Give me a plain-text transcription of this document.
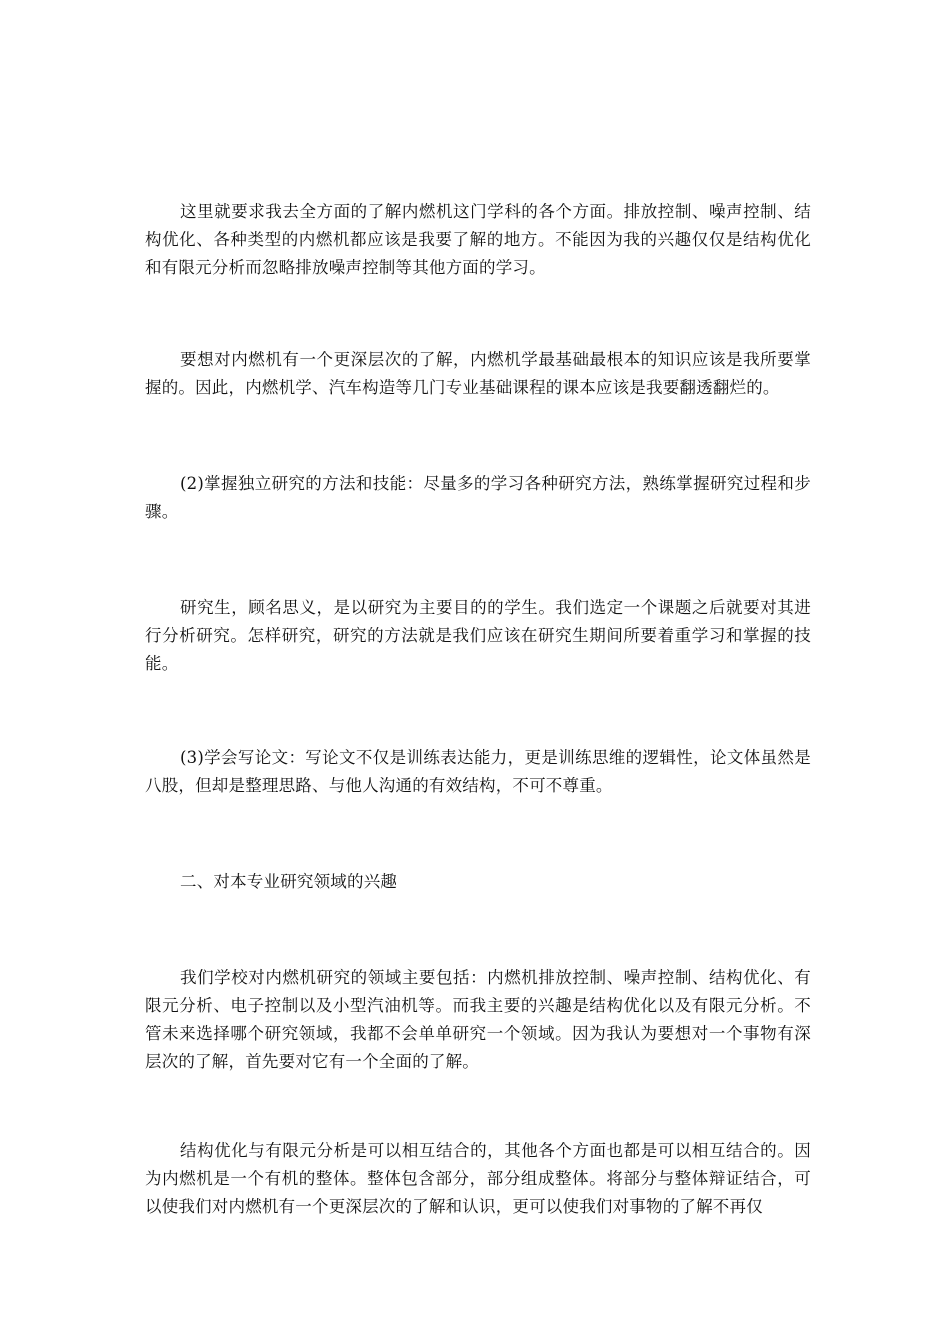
这里就要求我去全方面的了解内燃机这门学科的各个方面。排放控制、噪声控制、结构优化、各种类型的内燃机都应该是我要了解的地方。不能因为我的兴趣仅仅是结构优化和有限元分析而忽略排放噪声控制等其他方面的学习。

要想对内燃机有一个更深层次的了解，内燃机学最基础最根本的知识应该是我所要掌握的。因此，内燃机学、汽车构造等几门专业基础课程的课本应该是我要翻透翻烂的。

(2)掌握独立研究的方法和技能：尽量多的学习各种研究方法，熟练掌握研究过程和步骤。

研究生，顾名思义，是以研究为主要目的的学生。我们选定一个课题之后就要对其进行分析研究。怎样研究，研究的方法就是我们应该在研究生期间所要着重学习和掌握的技能。

(3)学会写论文：写论文不仅是训练表达能力，更是训练思维的逻辑性，论文体虽然是八股，但却是整理思路、与他人沟通的有效结构，不可不尊重。

二、对本专业研究领域的兴趣

我们学校对内燃机研究的领域主要包括：内燃机排放控制、噪声控制、结构优化、有限元分析、电子控制以及小型汽油机等。而我主要的兴趣是结构优化以及有限元分析。不管未来选择哪个研究领域，我都不会单单研究一个领域。因为我认为要想对一个事物有深层次的了解，首先要对它有一个全面的了解。

结构优化与有限元分析是可以相互结合的，其他各个方面也都是可以相互结合的。因为内燃机是一个有机的整体。整体包含部分，部分组成整体。将部分与整体辩证结合，可以使我们对内燃机有一个更深层次的了解和认识，更可以使我们对事物的了解不再仅
